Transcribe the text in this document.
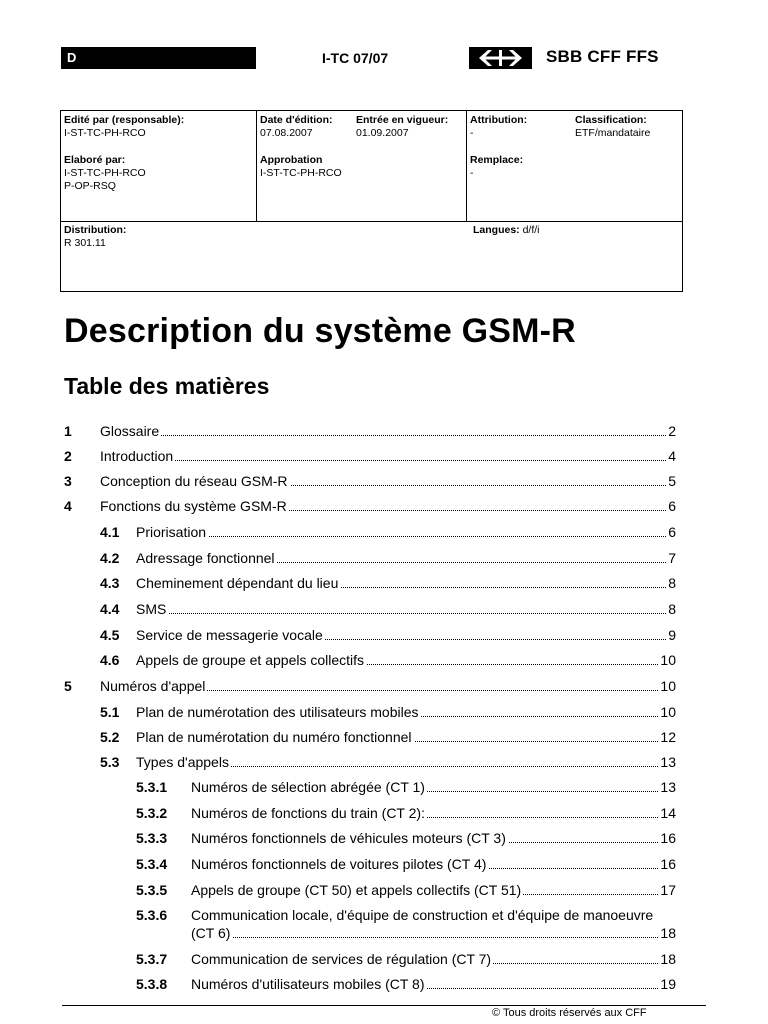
D	I-TC 07/07	SBB CFF FFS
Edité par (responsable):
I-ST-TC-PH-RCO
Date d'édition:
07.08.2007
Entrée en vigueur:
01.09.2007
Attribution:
-
Classification:
ETF/mandataire
Elaboré par:
I-ST-TC-PH-RCO
P-OP-RSQ
Approbation
I-ST-TC-PH-RCO
Remplace:
-
Distribution:
R 301.11
Langues: d/f/i
Description du système GSM-R
Table des matières
1 Glossaire	2
2 Introduction	4
3 Conception du réseau GSM-R	5
4 Fonctions du système GSM-R	6
4.1 Priorisation	6
4.2 Adressage fonctionnel	7
4.3 Cheminement dépendant du lieu	8
4.4 SMS	8
4.5 Service de messagerie vocale	9
4.6 Appels de groupe et appels collectifs	10
5 Numéros d'appel	10
5.1 Plan de numérotation des utilisateurs mobiles	10
5.2 Plan de numérotation du numéro fonctionnel	12
5.3 Types d'appels	13
5.3.1 Numéros de sélection abrégée (CT 1)	13
5.3.2 Numéros de fonctions du train (CT 2):	14
5.3.3 Numéros fonctionnels de véhicules moteurs (CT 3)	16
5.3.4 Numéros fonctionnels de voitures pilotes (CT 4)	16
5.3.5 Appels de groupe (CT 50) et appels collectifs (CT 51)	17
5.3.6 Communication locale, d'équipe de construction et d'équipe de manoeuvre
(CT 6)	18
5.3.7 Communication de services de régulation (CT 7)	18
5.3.8 Numéros d'utilisateurs mobiles (CT 8)	19
© Tous droits réservés aux CFF
